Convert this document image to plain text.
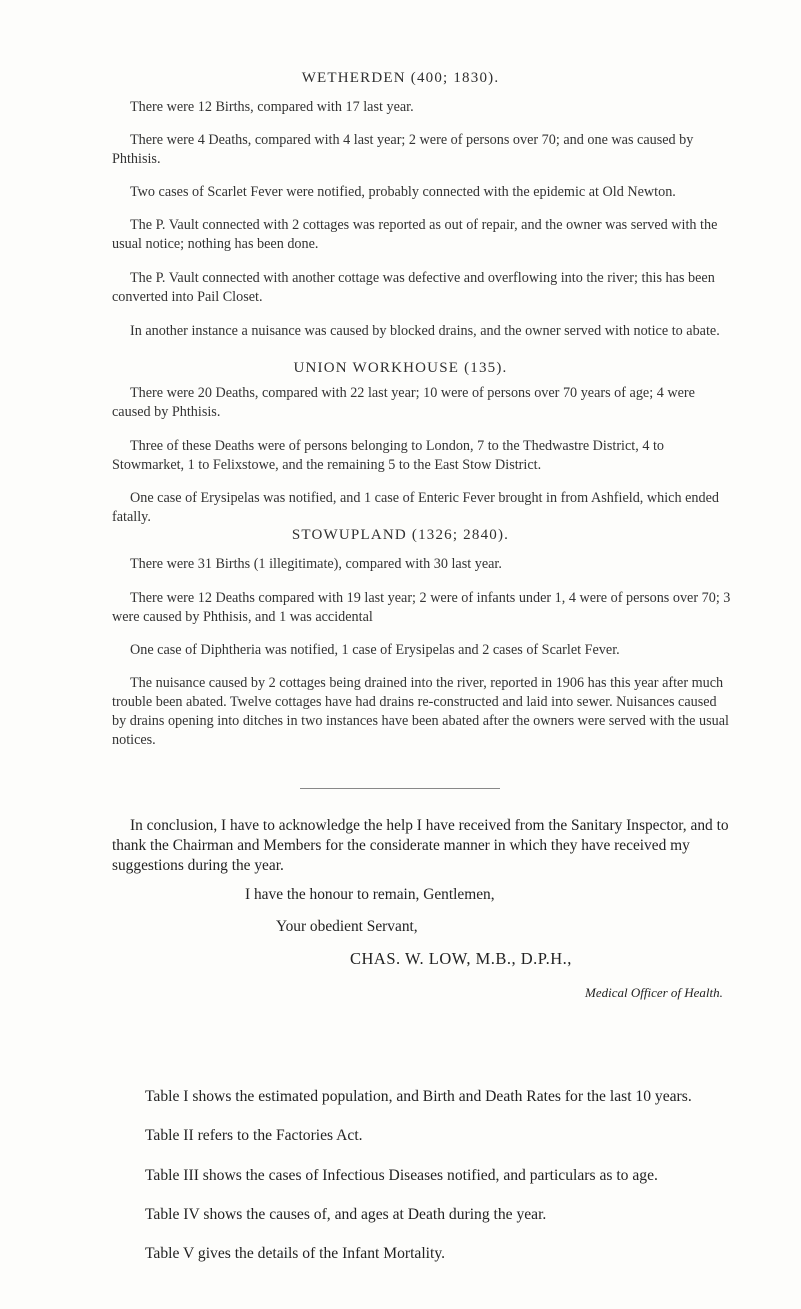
WETHERDEN (400; 1830).
There were 12 Births, compared with 17 last year.
There were 4 Deaths, compared with 4 last year; 2 were of persons over 70; and one was caused by Phthisis.
Two cases of Scarlet Fever were notified, probably connected with the epidemic at Old Newton.
The P. Vault connected with 2 cottages was reported as out of repair, and the owner was served with the usual notice; nothing has been done.
The P. Vault connected with another cottage was defective and overflowing into the river; this has been converted into Pail Closet.
In another instance a nuisance was caused by blocked drains, and the owner served with notice to abate.
UNION WORKHOUSE (135).
There were 20 Deaths, compared with 22 last year; 10 were of persons over 70 years of age; 4 were caused by Phthisis.
Three of these Deaths were of persons belonging to London, 7 to the Thedwastre District, 4 to Stowmarket, 1 to Felixstowe, and the remaining 5 to the East Stow District.
One case of Erysipelas was notified, and 1 case of Enteric Fever brought in from Ashfield, which ended fatally.
STOWUPLAND (1326; 2840).
There were 31 Births (1 illegitimate), compared with 30 last year.
There were 12 Deaths compared with 19 last year; 2 were of infants under 1, 4 were of persons over 70; 3 were caused by Phthisis, and 1 was accidental
One case of Diphtheria was notified, 1 case of Erysipelas and 2 cases of Scarlet Fever.
The nuisance caused by 2 cottages being drained into the river, reported in 1906 has this year after much trouble been abated. Twelve cottages have had drains re-constructed and laid into sewer. Nuisances caused by drains opening into ditches in two instances have been abated after the owners were served with the usual notices.
In conclusion, I have to acknowledge the help I have received from the Sanitary Inspector, and to thank the Chairman and Members for the considerate manner in which they have received my suggestions during the year.
I have the honour to remain, Gentlemen,
Your obedient Servant,
CHAS. W. LOW, M.B., D.P.H.,
Medical Officer of Health.
Table I shows the estimated population, and Birth and Death Rates for the last 10 years.
Table II refers to the Factories Act.
Table III shows the cases of Infectious Diseases notified, and particulars as to age.
Table IV shows the causes of, and ages at Death during the year.
Table V gives the details of the Infant Mortality.
